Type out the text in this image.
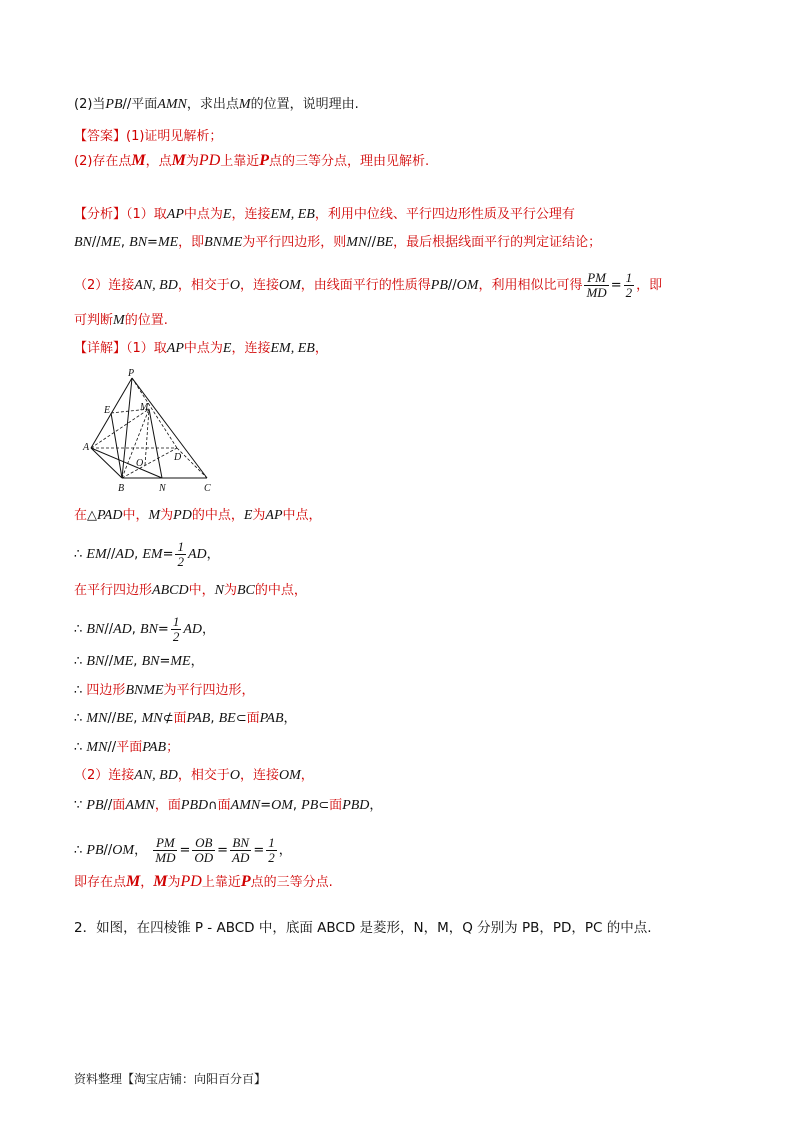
(2)当PB//平面AMN，求出点M的位置，说明理由.
【答案】(1)证明见解析；
(2)存在点M，点M为PD上靠近P点的三等分点，理由见解析.
【分析】（1）取AP中点为E，连接EM, EB，利用中位线、平行四边形性质及平行公理有
BN//ME, BN=ME，即BNME为平行四边形，则MN//BE，最后根据线面平行的判定证结论；
（2）连接AN, BD，相交于O，连接OM，由线面平行的性质得PB//OM，利用相似比可得 $\frac{PM}{MD} = \frac{1}{2}$ ，即
可判断M的位置.
【详解】（1）取AP中点为E，连接EM, EB，
P
E	M
A
D
O
B	N	C
在△PAD中，M为PD的中点，E为AP中点，
∴ EM//AD, $EM= \frac{1}{2}$ AD，
在平行四边形ABCD中，N为BC的中点，
∴ BN//AD, $BN= \frac{1}{2}$ AD，
∴ BN//ME, BN=ME，
∴ 四边形BNME为平行四边形，
∴ MN//BE, MN⊄面PAB, BE⊂面PAB，
∴ MN//平面PAB；
（2）连接AN, BD，相交于O，连接OM，
∵ PB//面AMN，面PBD∩面AMN=OM, PB⊂面PBD，
∴ PB//OM， $\frac{PM}{MD} = \frac{OB}{OD} = \frac{BN}{AD} = \frac{1}{2}$ ，
即存在点M，M为PD上靠近P点的三等分点.
2．如图，在四棱锥 P - ABCD 中，底面 ABCD 是菱形，N，M，Q 分别为 PB，PD，PC 的中点.
资料整理【淘宝店铺：向阳百分百】
